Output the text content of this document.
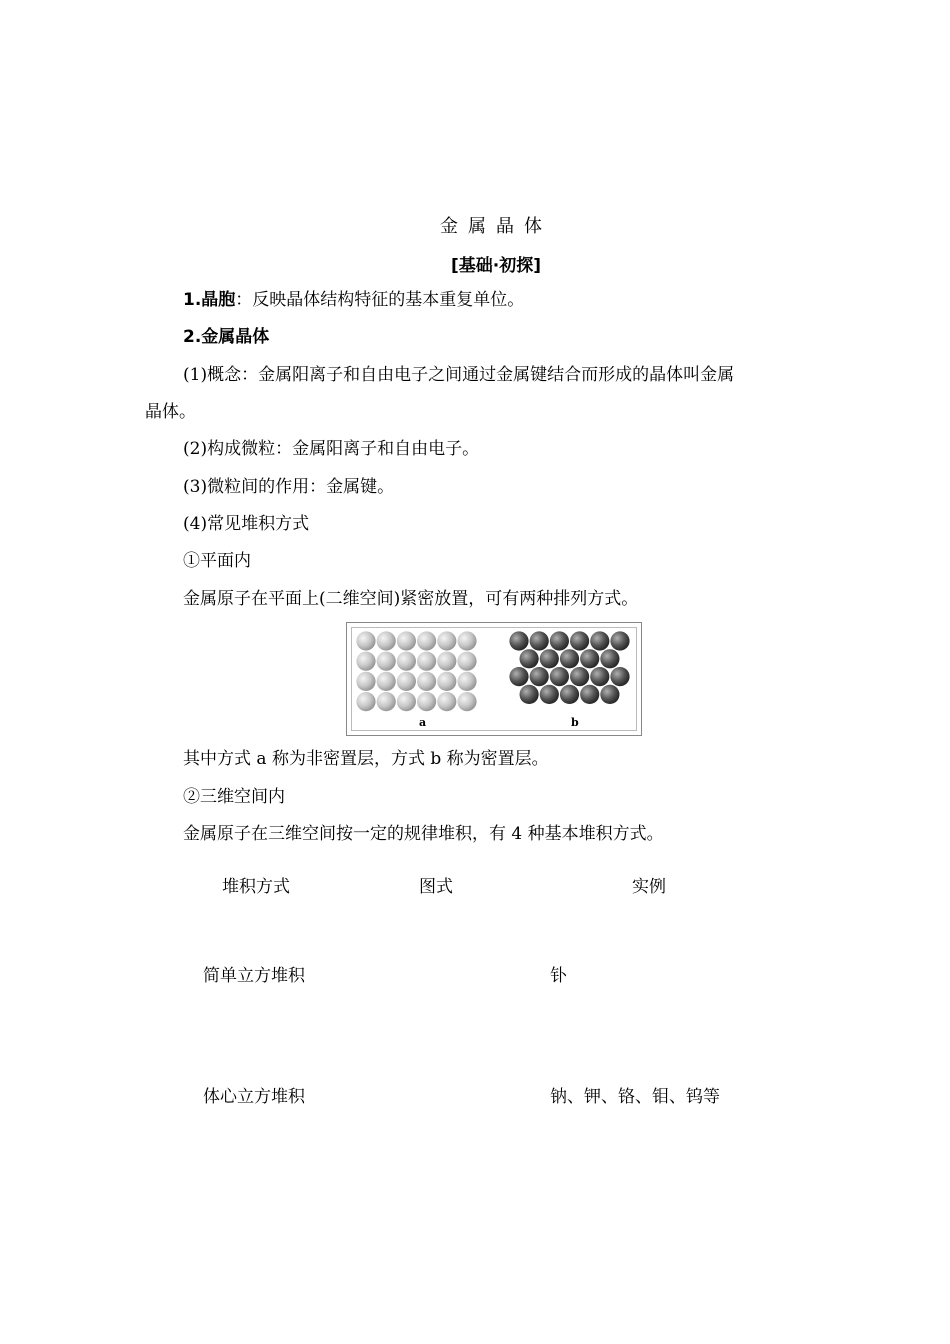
金属晶体
[基础·初探]
1.晶胞：反映晶体结构特征的基本重复单位。
2.金属晶体
(1)概念：金属阳离子和自由电子之间通过金属键结合而形成的晶体叫金属
晶体。
(2)构成微粒：金属阳离子和自由电子。
(3)微粒间的作用：金属键。
(4)常见堆积方式
①平面内
金属原子在平面上(二维空间)紧密放置，可有两种排列方式。
a	b
其中方式 a 称为非密置层，方式 b 称为密置层。
②三维空间内
金属原子在三维空间按一定的规律堆积，有 4 种基本堆积方式。
堆积方式	图式	实例
简单立方堆积	钋
体心立方堆积	钠、钾、铬、钼、钨等
